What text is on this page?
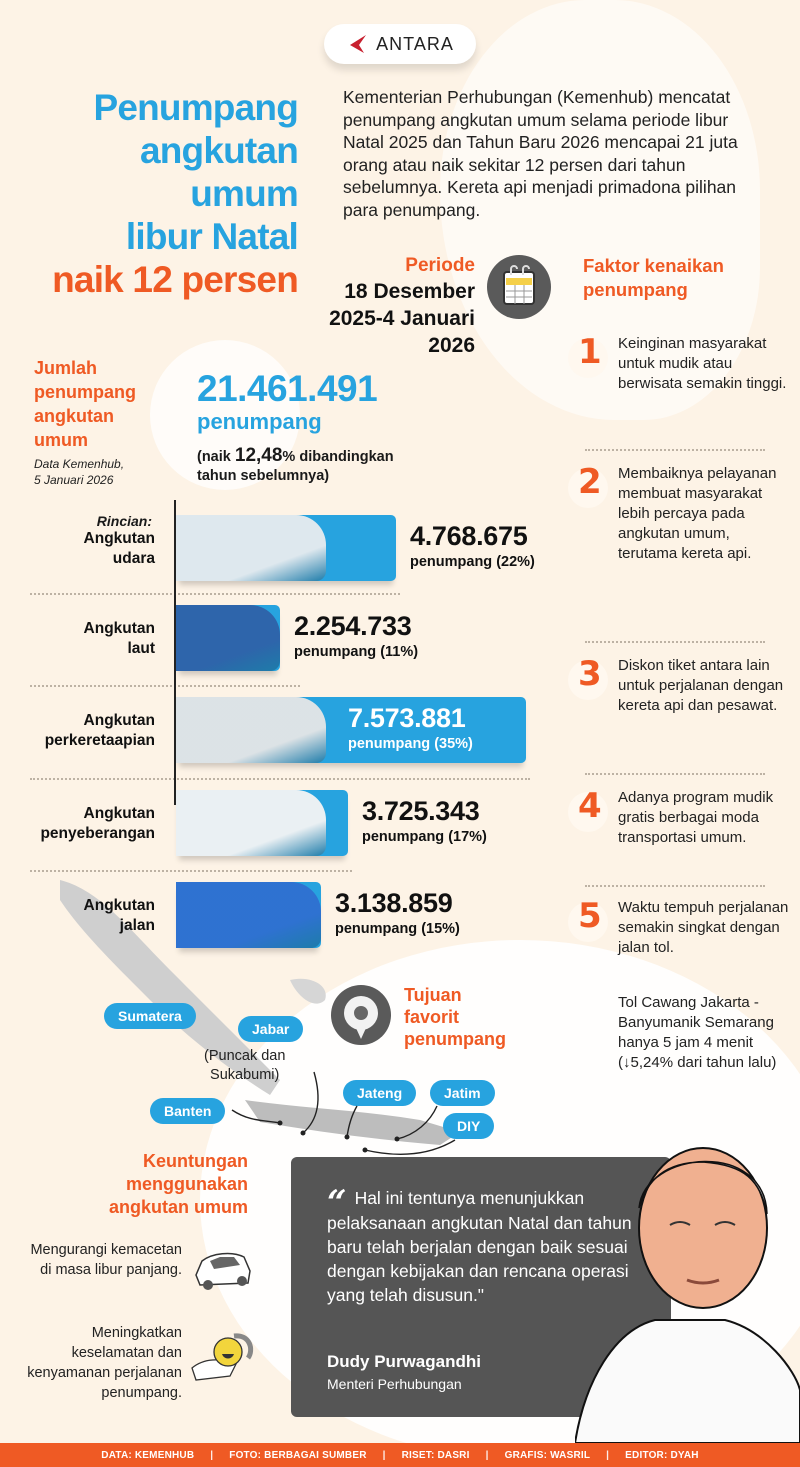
ANTARA
Penumpang
angkutan
umum
libur Natal
naik 12 persen
Kementerian Perhubungan (Kemenhub) mencatat penumpang angkutan umum selama periode libur Natal 2025 dan Tahun Baru 2026 mencapai 21 juta orang atau naik sekitar 12 persen dari tahun sebelumnya. Kereta api menjadi primadona pilihan para penumpang.
Periode
18 Desember
2025-4 Januari
2026
Faktor kenaikan
penumpang
1 Keinginan masyarakat untuk mudik atau berwisata semakin tinggi.
2 Membaiknya pelayanan membuat masyarakat lebih percaya pada angkutan umum, terutama kereta api.
3 Diskon tiket antara lain untuk perjalanan dengan kereta api dan pesawat.
4 Adanya program mudik gratis berbagai moda transportasi umum.
5 Waktu tempuh perjalanan semakin singkat dengan jalan tol.
Tol Cawang Jakarta - Banyumanik Semarang hanya 5 jam 4 menit (↓5,24% dari tahun lalu)
Jumlah
penumpang
angkutan
umum
Data Kemenhub,
5 Januari 2026
21.461.491
penumpang
(naik 12,48% dibandingkan
tahun sebelumnya)
Rincian:
Angkutan
udara
4.768.675
penumpang (22%)
Angkutan
laut
2.254.733
penumpang (11%)
Angkutan
perkeretaapian
7.573.881
penumpang (35%)
Angkutan
penyeberangan
3.725.343
penumpang (17%)
Angkutan
jalan
3.138.859
penumpang (15%)
Tujuan
favorit
penumpang
Sumatera
Jabar
(Puncak dan
Sukabumi)
Banten
Jateng	Jatim
DIY
Keuntungan
menggunakan
angkutan umum
Mengurangi kemacetan di masa libur panjang.
Meningkatkan keselamatan dan kenyamanan perjalanan penumpang.
“ Hal ini tentunya menunjukkan pelaksanaan angkutan Natal dan tahun baru telah berjalan dengan baik sesuai dengan kebijakan dan rencana operasi yang telah disusun."
Dudy Purwagandhi
Menteri Perhubungan
DATA: KEMENHUB | FOTO: BERBAGAI SUMBER | RISET: DASRI | GRAFIS: WASRIL | EDITOR: DYAH
